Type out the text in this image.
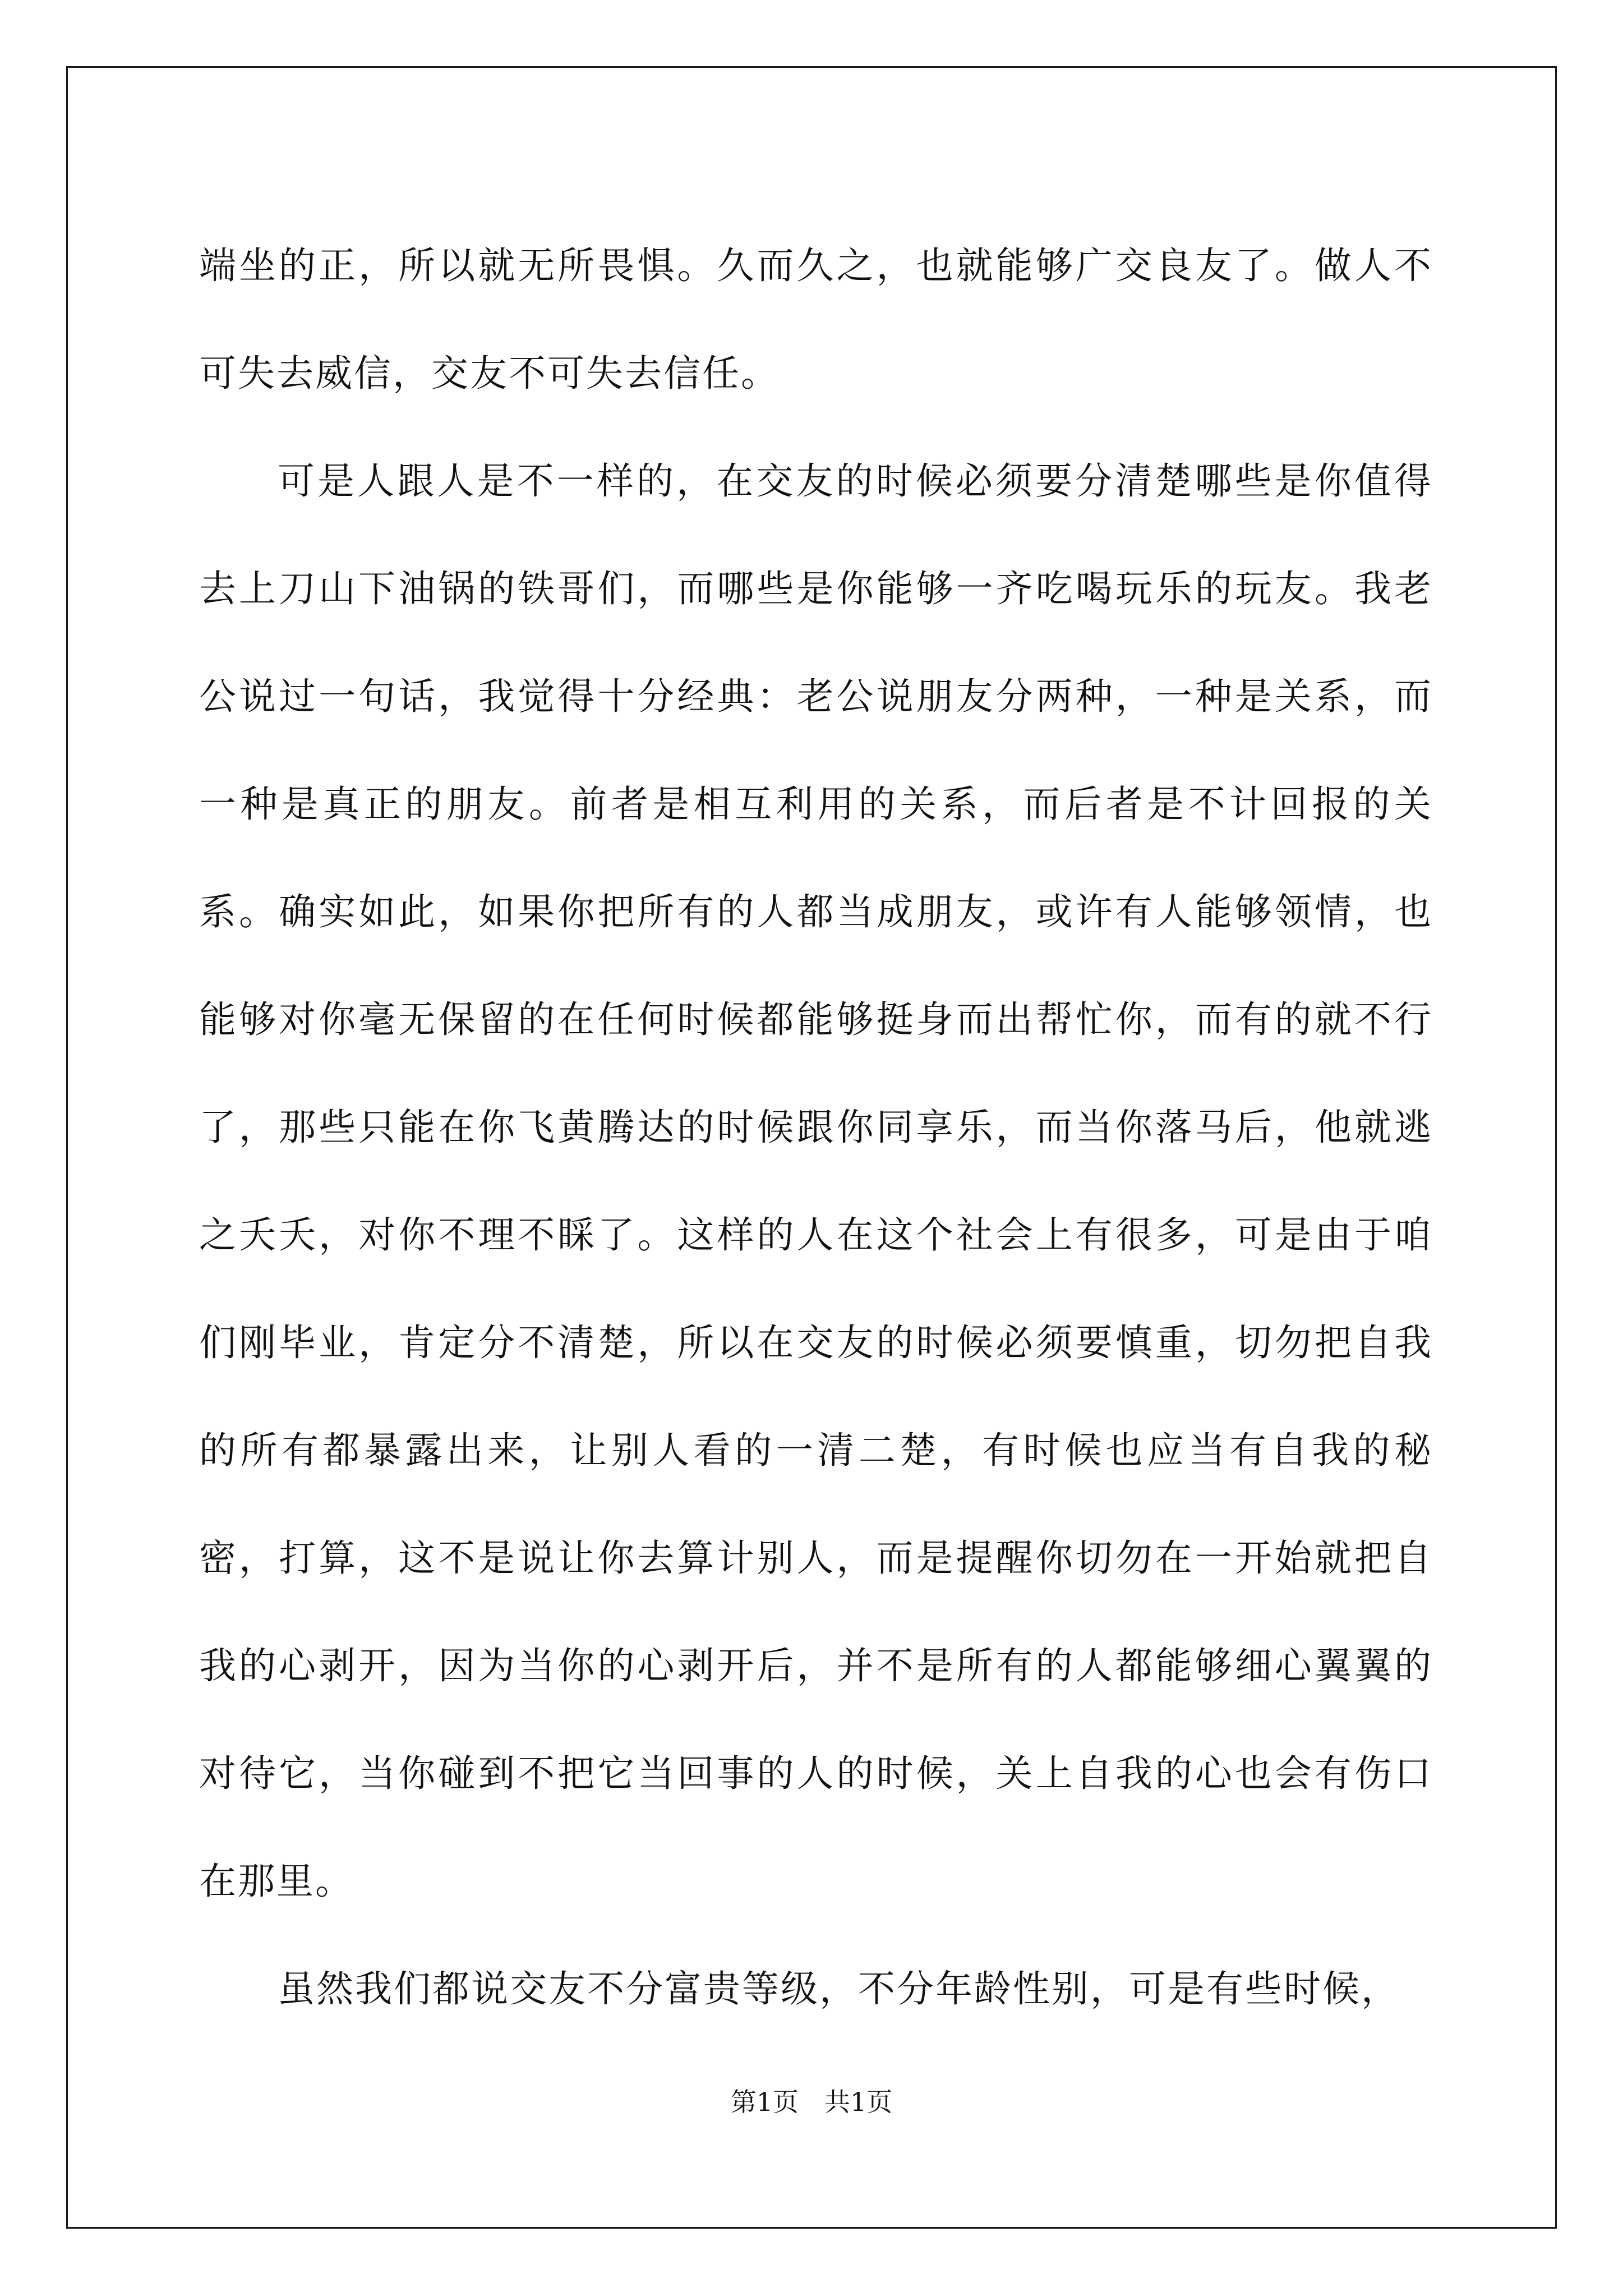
端坐的正，所以就无所畏惧。久而久之，也就能够广交良友了。做人不可失去威信，交友不可失去信任。

可是人跟人是不一样的，在交友的时候必须要分清楚哪些是你值得去上刀山下油锅的铁哥们，而哪些是你能够一齐吃喝玩乐的玩友。我老公说过一句话，我觉得十分经典：老公说朋友分两种，一种是关系，而一种是真正的朋友。前者是相互利用的关系，而后者是不计回报的关系。确实如此，如果你把所有的人都当成朋友，或许有人能够领情，也能够对你毫无保留的在任何时候都能够挺身而出帮忙你，而有的就不行了，那些只能在你飞黄腾达的时候跟你同享乐，而当你落马后，他就逃之夭夭，对你不理不睬了。这样的人在这个社会上有很多，可是由于咱们刚毕业，肯定分不清楚，所以在交友的时候必须要慎重，切勿把自我的所有都暴露出来，让别人看的一清二楚，有时候也应当有自我的秘密，打算，这不是说让你去算计别人，而是提醒你切勿在一开始就把自我的心剥开，因为当你的心剥开后，并不是所有的人都能够细心翼翼的对待它，当你碰到不把它当回事的人的时候，关上自我的心也会有伤口在那里。

虽然我们都说交友不分富贵等级，不分年龄性别，可是有些时候，

第1页　共1页
